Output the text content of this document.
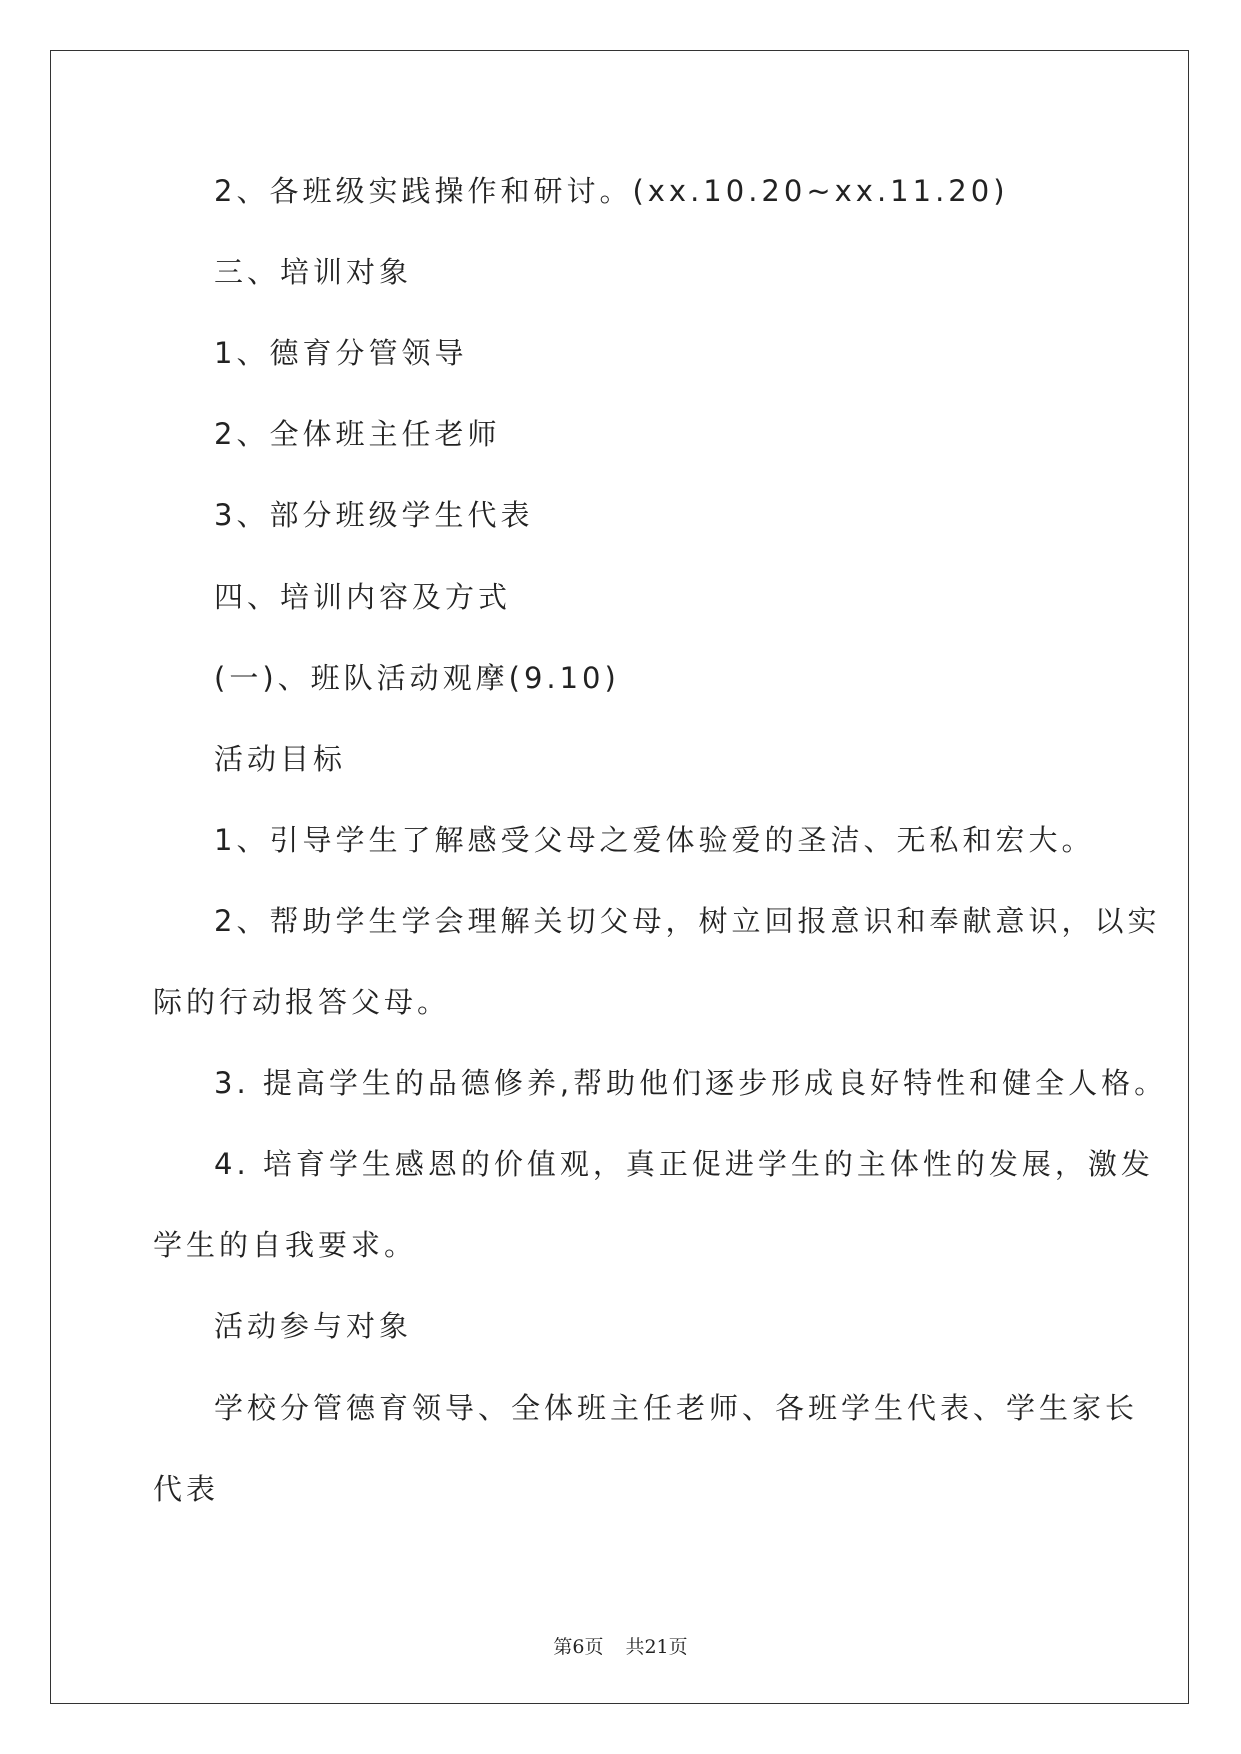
2、各班级实践操作和研讨。(xx.10.20~xx.11.20)
三、培训对象
1、德育分管领导
2、全体班主任老师
3、部分班级学生代表
四、培训内容及方式
(一)、班队活动观摩(9.10)
活动目标
1、引导学生了解感受父母之爱体验爱的圣洁、无私和宏大。
2、帮助学生学会理解关切父母，树立回报意识和奉献意识，以实
际的行动报答父母。
3. 提高学生的品德修养,帮助他们逐步形成良好特性和健全人格。
4. 培育学生感恩的价值观，真正促进学生的主体性的发展，激发
学生的自我要求。
活动参与对象
学校分管德育领导、全体班主任老师、各班学生代表、学生家长
代表
第6页 共21页
